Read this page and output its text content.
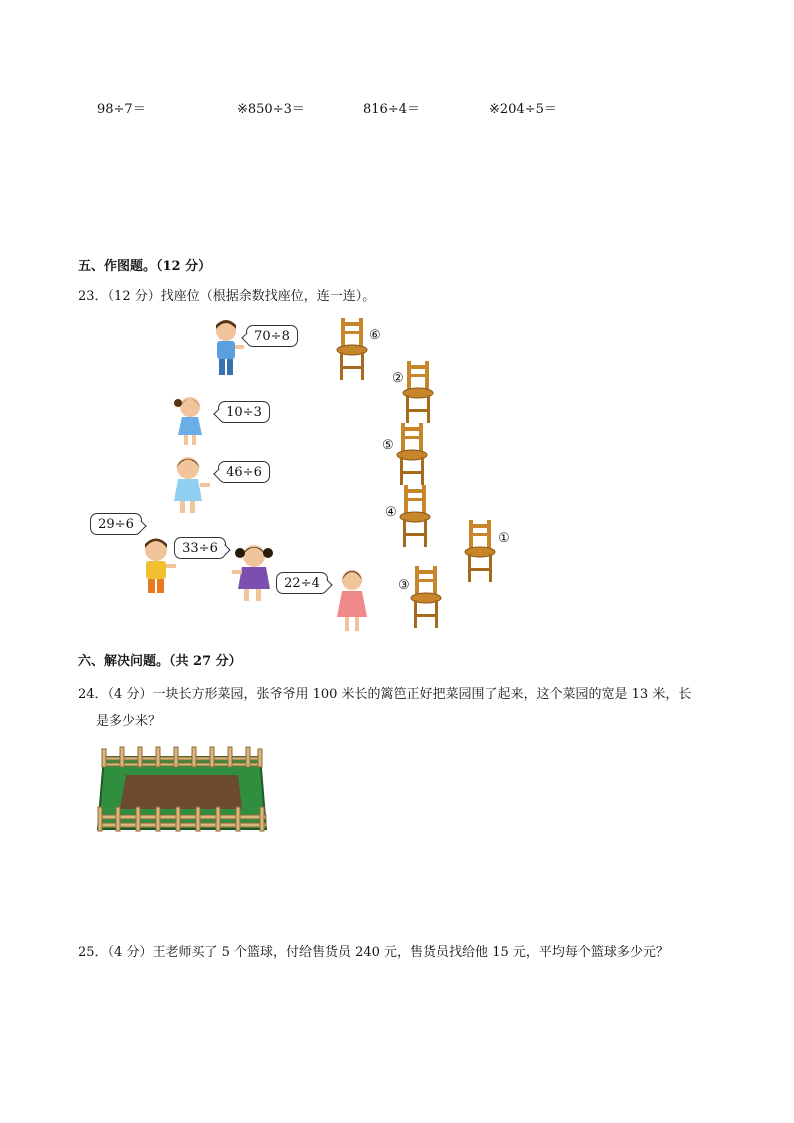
98÷7＝	※850÷3＝	816÷4＝	※204÷5＝
五、作图题。（12 分）
23．（12 分）找座位（根据余数找座位，连一连）。
70÷8
10÷3
46÷6
29÷6
33÷6
22÷4
⑥
②
⑤
④
①
③
六、解决问题。（共 27 分）
24．（4 分）一块长方形菜园，张爷爷用 100 米长的篱笆正好把菜园围了起来，这个菜园的宽是 13 米，长
是多少米？
25．（4 分）王老师买了 5 个篮球，付给售货员 240 元，售货员找给他 15 元，平均每个篮球多少元？
